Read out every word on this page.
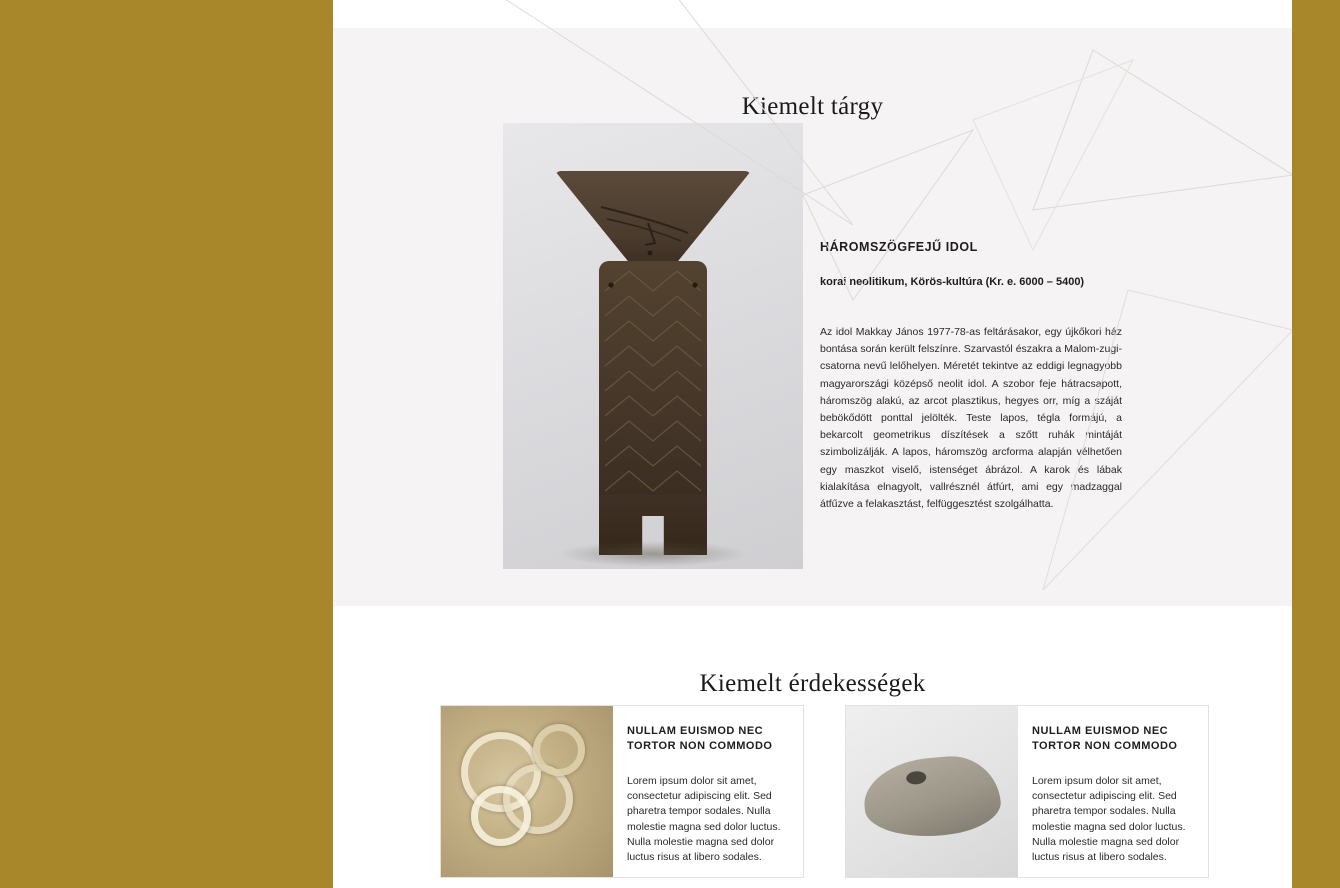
Kiemelt tárgy
HÁROMSZÖGFEJŰ IDOL

korai neolitikum, Körös-kultúra (Kr. e. 6000 – 5400)

Az idol Makkay János 1977-78-as feltárásakor, egy újkőkori ház bontása során került felszínre. Szarvastól északra a Malom-zugi-csatorna nevű lelőhelyen. Méretét tekintve az eddigi legnagyobb magyarországi középső neolit idol. A szobor feje hátracsapott, háromszög alakú, az arcot plasztikus, hegyes orr, míg a száját bebökődött ponttal jelölték. Teste lapos, tégla formájú, a bekarcolt geometrikus díszítések a szőtt ruhák mintáját szimbolizálják. A lapos, háromszög arcforma alapján vélhetően egy maszkot viselő, istenséget ábrázol. A karok és lábak kialakítása elnagyolt, vallrésznél átfúrt, ami egy madzaggal átfűzve a felakasztást, felfüggesztést szolgálhatta.

Kiemelt érdekességek
NULLAM EUISMOD NEC TORTOR NON COMMODO

Lorem ipsum dolor sit amet, consectetur adipiscing elit. Sed pharetra tempor sodales. Nulla molestie magna sed dolor luctus. Nulla molestie magna sed dolor luctus risus at libero sodales.

NULLAM EUISMOD NEC TORTOR NON COMMODO

Lorem ipsum dolor sit amet, consectetur adipiscing elit. Sed pharetra tempor sodales. Nulla molestie magna sed dolor luctus. Nulla molestie magna sed dolor luctus risus at libero sodales.
